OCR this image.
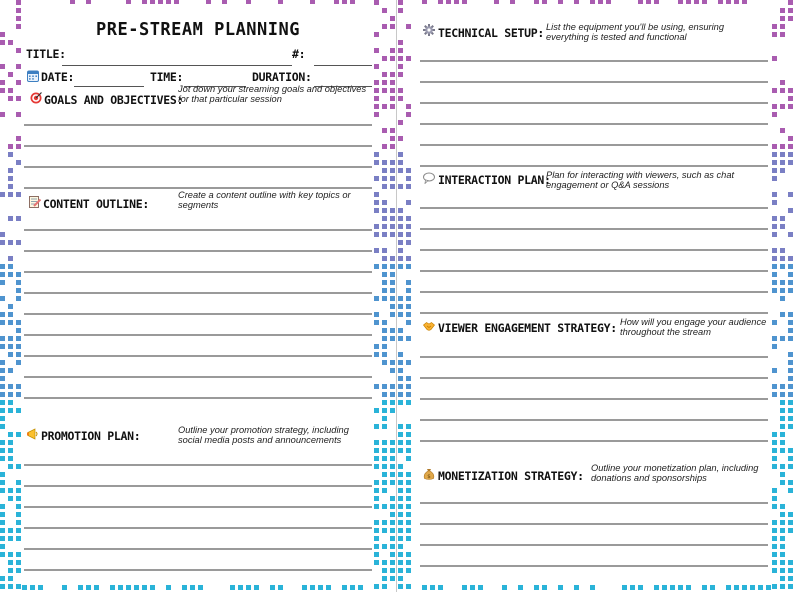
PRE-STREAM PLANNING
TITLE:	#:
DATE:	TIME:	DURATION:
GOALS AND OBJECTIVES:
Jot down your streaming goals and objectives for that particular session
CONTENT OUTLINE:
Create a content outline with key topics or segments
PROMOTION PLAN:	Outline your promotion strategy, including social media posts and announcements
TECHNICAL SETUP: List the equipment you'll be using, ensuring everything is tested and functional
INTERACTION PLAN:
Plan for interacting with viewers, such as chat engagement or Q&A sessions
VIEWER ENGAGEMENT STRATEGY: How will you engage your audience throughout the stream
$ MONETIZATION STRATEGY:
Outline your monetization plan, including donations and sponsorships
